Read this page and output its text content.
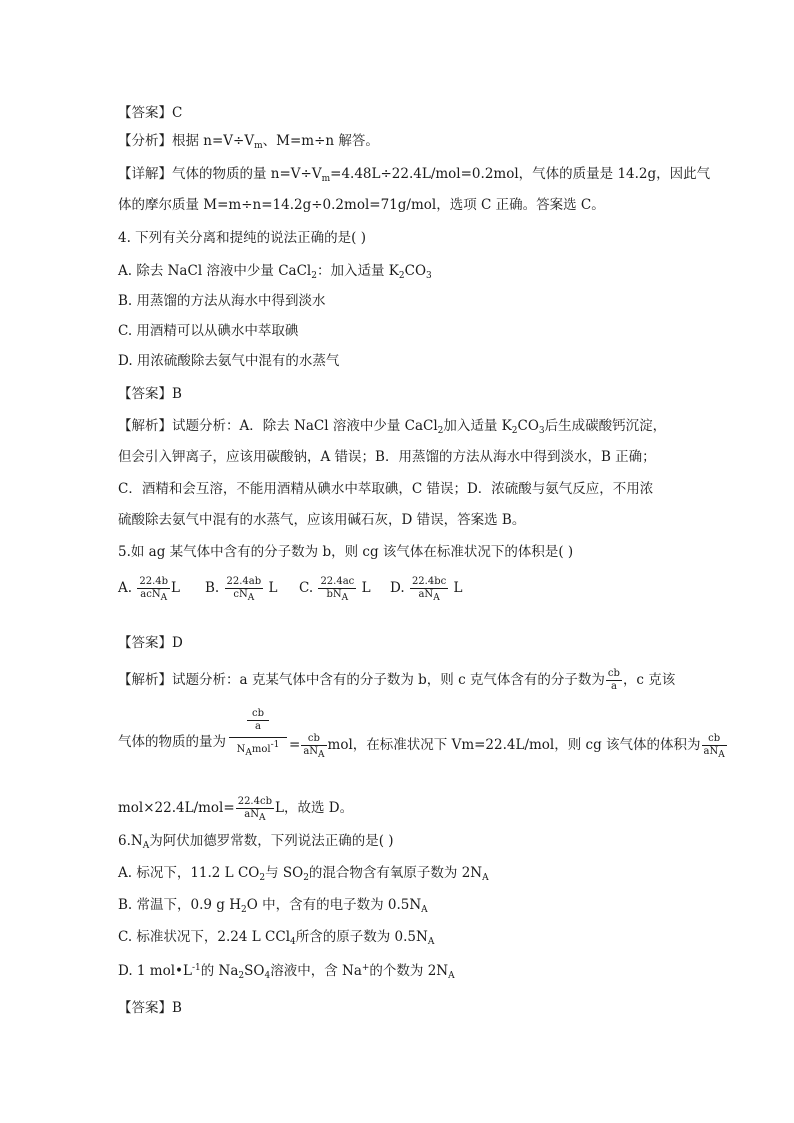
【答案】C
【分析】根据 $n=V\div V_m$、M=m÷n 解答。
【详解】气体的物质的量 $n=V\div V_m=4.48L\div 22.4L/mol=0.2mol$，气体的质量是 14.2g，因此气
体的摩尔质量 M=m÷n=14.2g÷0.2mol=71g/mol，选项 C 正确。答案选 C。
4. 下列有关分离和提纯的说法正确的是( )
A. 除去 NaCl 溶液中少量 CaCl$_2$：加入适量 $K_2CO_3$
B. 用蒸馏的方法从海水中得到淡水
C. 用酒精可以从碘水中萃取碘
D. 用浓硫酸除去氨气中混有的水蒸气
【答案】B
【解析】试题分析：A．除去 NaCl 溶液中少量 CaCl$_2$加入适量 $K_2CO_3$后生成碳酸钙沉淀，
但会引入钾离子，应该用碳酸钠，A 错误；B．用蒸馏的方法从海水中得到淡水，B 正确；
C．酒精和会互溶，不能用酒精从碘水中萃取碘，C 错误；D．浓硫酸与氨气反应，不用浓
硫酸除去氨气中混有的水蒸气，应该用碱石灰，D 错误，答案选 B。
5.如 ag 某气体中含有的分子数为 b，则 cg 该气体在标准状况下的体积是( )
A. $\frac{22.4b}{acN_A}$ L B. $\frac{22.4ab}{cN_A}$ L C. $\frac{22.4ac}{bN_A}$ L D. $\frac{22.4bc}{aN_A}$ L
【答案】D
【解析】试题分析：a 克某气体中含有的分子数为 b，则 c 克气体含有的分子数为 $\frac{cb}{a}$ ，c 克该
气体的物质的量为
cb
a
$N_Amol^{-1} = \frac{cb}{aN_A}$ mol，在标准状况下 Vm=22.4L/mol，则 cg 该气体的体积为 $\frac{cb}{aN_A}$
$mol\times 22.4L/mol= \frac{22.4cb}{aN_A}$ L，故选 D。
$6.N_A$为阿伏加德罗常数，下列说法正确的是( )
A. 标况下，11.2 L $CO_2$与 $SO_2$的混合物含有氧原子数为 $2N_A$
B. 常温下，0.9 g $H_2O$ 中，含有的电子数为 $0.5N_A$
C. 标准状况下，2.24 L CCl$_4$所含的原子数为 $0.5N_A$
D. 1 $mol•L^{-1}$的 $Na_2SO_4$溶液中，含 Na+的个数为 $2N_A$
【答案】B
